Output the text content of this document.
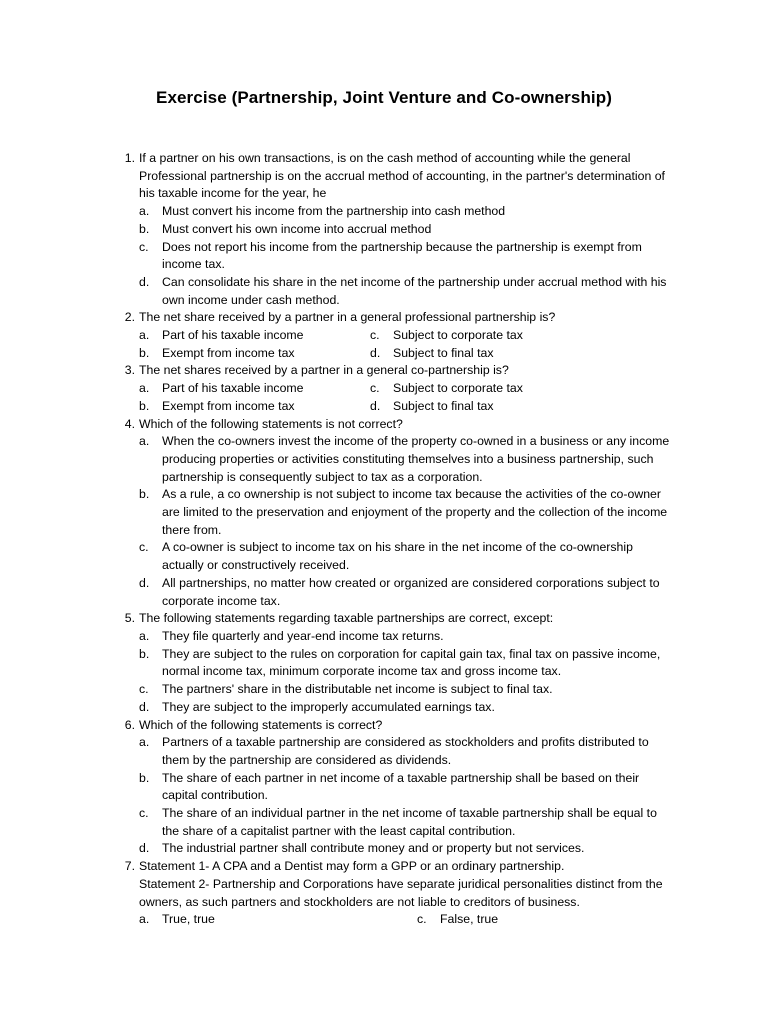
Exercise (Partnership, Joint Venture and Co-ownership)
1. If a partner on his own transactions, is on the cash method of accounting while the general Professional partnership is on the accrual method of accounting, in the partner's determination of his taxable income for the year, he
a. Must convert his income from the partnership into cash method
b. Must convert his own income into accrual method
c. Does not report his income from the partnership because the partnership is exempt from income tax.
d. Can consolidate his share in the net income of the partnership under accrual method with his own income under cash method.
2. The net share received by a partner in a general professional partnership is?
a. Part of his taxable income	c. Subject to corporate tax
b. Exempt from income tax	d. Subject to final tax
3. The net shares received by a partner in a general co-partnership is?
a. Part of his taxable income	c. Subject to corporate tax
b. Exempt from income tax	d. Subject to final tax
4. Which of the following statements is not correct?
a. When the co-owners invest the income of the property co-owned in a business or any income producing properties or activities constituting themselves into a business partnership, such partnership is consequently subject to tax as a corporation.
b. As a rule, a co ownership is not subject to income tax because the activities of the co-owner are limited to the preservation and enjoyment of the property and the collection of the income there from.
c. A co-owner is subject to income tax on his share in the net income of the co-ownership actually or constructively received.
d. All partnerships, no matter how created or organized are considered corporations subject to corporate income tax.
5. The following statements regarding taxable partnerships are correct, except:
a. They file quarterly and year-end income tax returns.
b. They are subject to the rules on corporation for capital gain tax, final tax on passive income, normal income tax, minimum corporate income tax and gross income tax.
c. The partners' share in the distributable net income is subject to final tax.
d. They are subject to the improperly accumulated earnings tax.
6. Which of the following statements is correct?
a. Partners of a taxable partnership are considered as stockholders and profits distributed to them by the partnership are considered as dividends.
b. The share of each partner in net income of a taxable partnership shall be based on their capital contribution.
c. The share of an individual partner in the net income of taxable partnership shall be equal to the share of a capitalist partner with the least capital contribution.
d. The industrial partner shall contribute money and or property but not services.
7. Statement 1- A CPA and a Dentist may form a GPP or an ordinary partnership.
Statement 2- Partnership and Corporations have separate juridical personalities distinct from the owners, as such partners and stockholders are not liable to creditors of business.
a. True, true	c. False, true
